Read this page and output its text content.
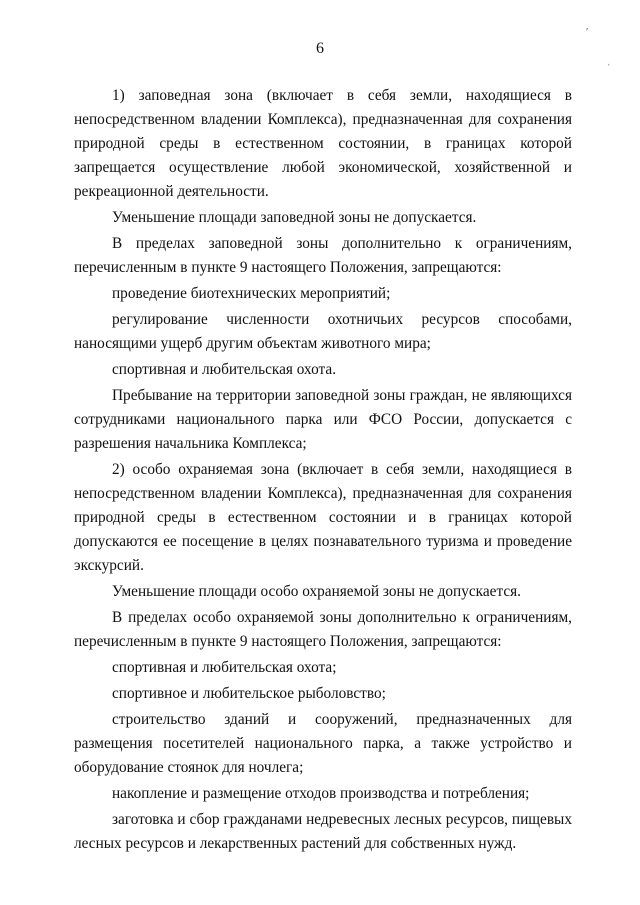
6
ʹ
ˌ

1) заповедная зона (включает в себя земли, находящиеся в непосредственном владении Комплекса), предназначенная для сохранения природной среды в естественном состоянии, в границах которой запрещается осуществление любой экономической, хозяйственной и рекреационной деятельности.

Уменьшение площади заповедной зоны не допускается.

В пределах заповедной зоны дополнительно к ограничениям, перечисленным в пункте 9 настоящего Положения, запрещаются:

проведение биотехнических мероприятий;

регулирование численности охотничьих ресурсов способами, наносящими ущерб другим объектам животного мира;

спортивная и любительская охота.

Пребывание на территории заповедной зоны граждан, не являющихся сотрудниками национального парка или ФСО России, допускается с разрешения начальника Комплекса;

2) особо охраняемая зона (включает в себя земли, находящиеся в непосредственном владении Комплекса), предназначенная для сохранения природной среды в естественном состоянии и в границах которой допускаются ее посещение в целях познавательного туризма и проведение экскурсий.

Уменьшение площади особо охраняемой зоны не допускается.

В пределах особо охраняемой зоны дополнительно к ограничениям, перечисленным в пункте 9 настоящего Положения, запрещаются:

спортивная и любительская охота;

спортивное и любительское рыболовство;

строительство зданий и сооружений, предназначенных для размещения посетителей национального парка, а также устройство и оборудование стоянок для ночлега;

накопление и размещение отходов производства и потребления;

заготовка и сбор гражданами недревесных лесных ресурсов, пищевых лесных ресурсов и лекарственных растений для собственных нужд.
